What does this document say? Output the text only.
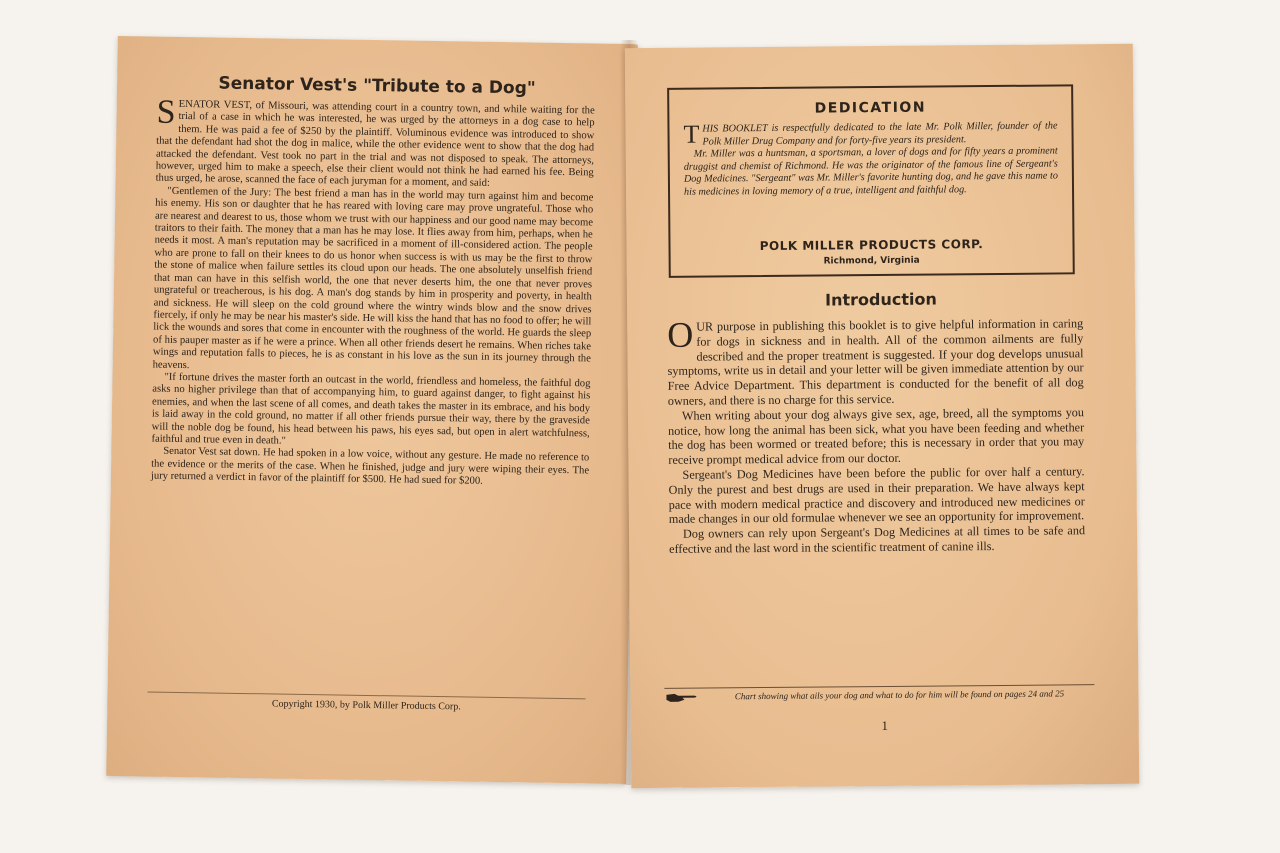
Senator Vest's "Tribute to a Dog"

SENATOR VEST, of Missouri, was attending court in a country town, and while waiting for the trial of a case in which he was interested, he was urged by the attorneys in a dog case to help them. He was paid a fee of $250 by the plaintiff. Voluminous evidence was introduced to show that the defendant had shot the dog in malice, while the other evidence went to show that the dog had attacked the defendant. Vest took no part in the trial and was not disposed to speak. The attorneys, however, urged him to make a speech, else their client would not think he had earned his fee. Being thus urged, he arose, scanned the face of each juryman for a moment, and said:

"Gentlemen of the Jury: The best friend a man has in the world may turn against him and become his enemy. His son or daughter that he has reared with loving care may prove ungrateful. Those who are nearest and dearest to us, those whom we trust with our happiness and our good name may become traitors to their faith. The money that a man has he may lose. It flies away from him, perhaps, when he needs it most. A man's reputation may be sacrificed in a moment of ill-considered action. The people who are prone to fall on their knees to do us honor when success is with us may be the first to throw the stone of malice when failure settles its cloud upon our heads. The one absolutely unselfish friend that man can have in this selfish world, the one that never deserts him, the one that never proves ungrateful or treacherous, is his dog. A man's dog stands by him in prosperity and poverty, in health and sickness. He will sleep on the cold ground where the wintry winds blow and the snow drives fiercely, if only he may be near his master's side. He will kiss the hand that has no food to offer; he will lick the wounds and sores that come in encounter with the roughness of the world. He guards the sleep of his pauper master as if he were a prince. When all other friends desert he remains. When riches take wings and reputation falls to pieces, he is as constant in his love as the sun in its journey through the heavens.

"If fortune drives the master forth an outcast in the world, friendless and homeless, the faithful dog asks no higher privilege than that of accompanying him, to guard against danger, to fight against his enemies, and when the last scene of all comes, and death takes the master in its embrace, and his body is laid away in the cold ground, no matter if all other friends pursue their way, there by the graveside will the noble dog be found, his head between his paws, his eyes sad, but open in alert watchfulness, faithful and true even in death."

Senator Vest sat down. He had spoken in a low voice, without any gesture. He made no reference to the evidence or the merits of the case. When he finished, judge and jury were wiping their eyes. The jury returned a verdict in favor of the plaintiff for $500. He had sued for $200.

Copyright 1930, by Polk Miller Products Corp.
DEDICATION

THIS BOOKLET is respectfully dedicated to the late Mr. Polk Miller, founder of the Polk Miller Drug Company and for forty-five years its president.

Mr. Miller was a huntsman, a sportsman, a lover of dogs and for fifty years a prominent druggist and chemist of Richmond. He was the originator of the famous line of Sergeant's Dog Medicines. "Sergeant" was Mr. Miller's favorite hunting dog, and he gave this name to his medicines in loving memory of a true, intelligent and faithful dog.

POLK MILLER PRODUCTS CORP.
Richmond, Virginia
Introduction

OUR purpose in publishing this booklet is to give helpful information in caring for dogs in sickness and in health. All of the common ailments are fully described and the proper treatment is suggested. If your dog develops unusual symptoms, write us in detail and your letter will be given immediate attention by our Free Advice Department. This department is conducted for the benefit of all dog owners, and there is no charge for this service.

When writing about your dog always give sex, age, breed, all the symptoms you notice, how long the animal has been sick, what you have been feeding and whether the dog has been wormed or treated before; this is necessary in order that you may receive prompt medical advice from our doctor.

Sergeant's Dog Medicines have been before the public for over half a century. Only the purest and best drugs are used in their preparation. We have always kept pace with modern medical practice and discovery and introduced new medicines or made changes in our old formulae whenever we see an opportunity for improvement.

Dog owners can rely upon Sergeant's Dog Medicines at all times to be safe and effective and the last word in the scientific treatment of canine ills.

Chart showing what ails your dog and what to do for him will be found on pages 24 and 25
1
